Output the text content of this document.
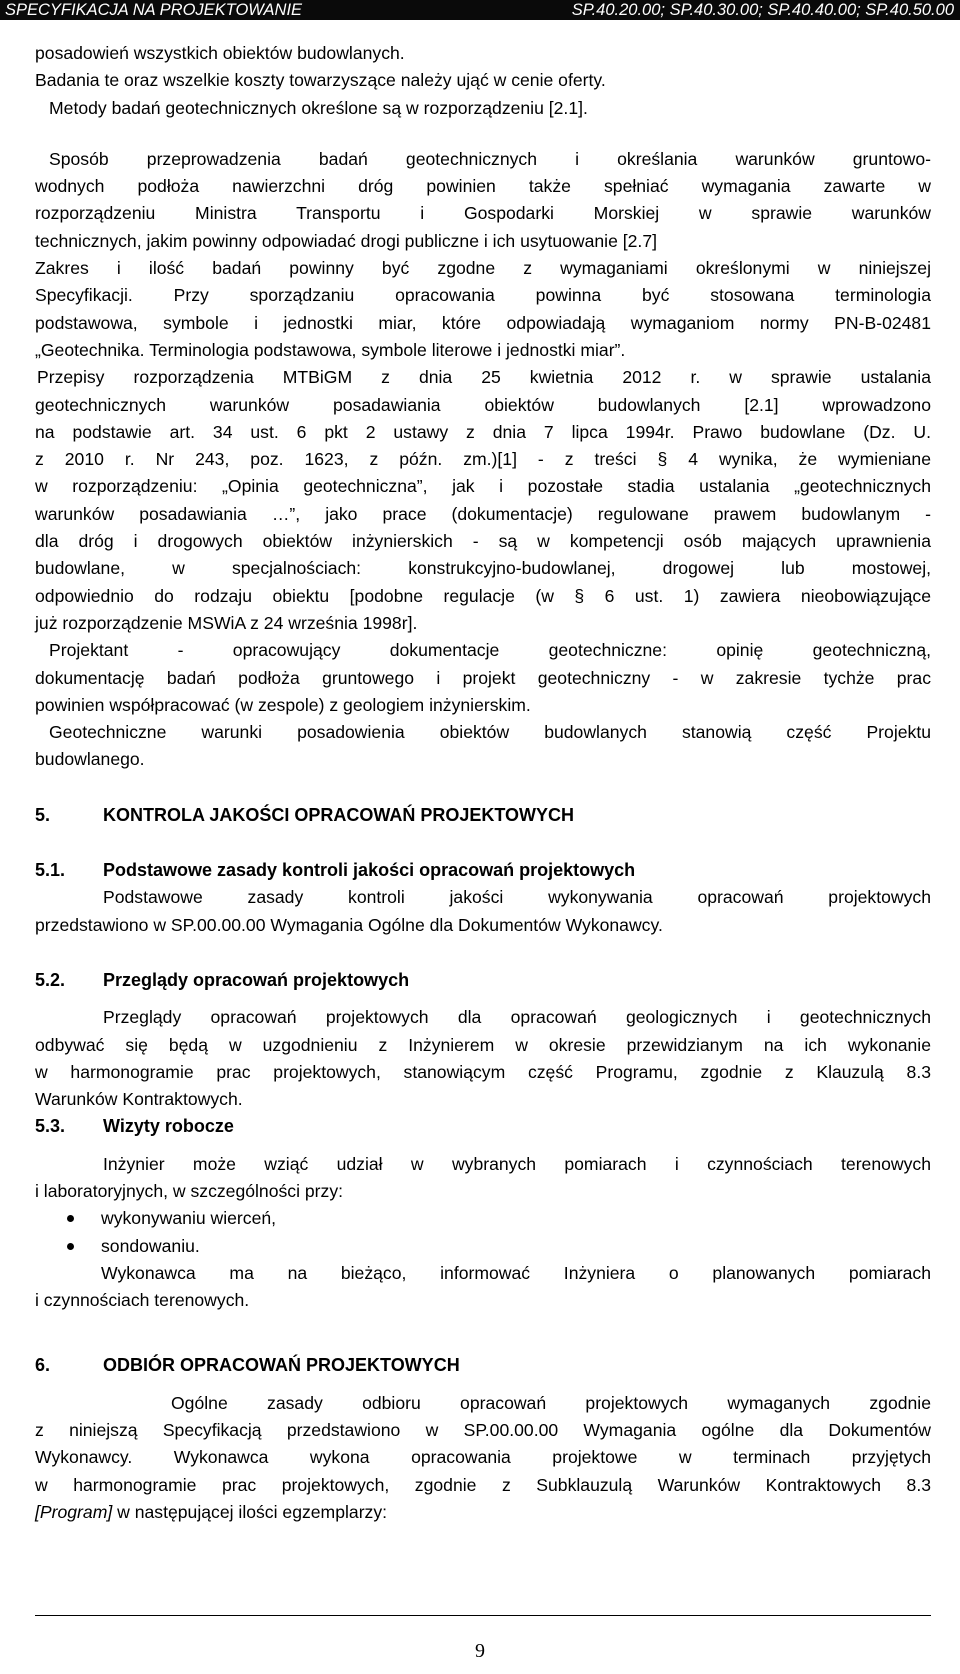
SPECYFIKACJA NA PROJEKTOWANIE	SP.40.20.00; SP.40.30.00; SP.40.40.00; SP.40.50.00
posadowień wszystkich obiektów budowlanych.
Badania te oraz wszelkie koszty towarzyszące należy ująć w cenie oferty.
Metody badań geotechnicznych określone są w rozporządzeniu [2.1].
Sposób przeprowadzenia badań geotechnicznych i określania warunków gruntowo-
wodnych podłoża nawierzchni dróg powinien także spełniać wymagania zawarte w
rozporządzeniu Ministra Transportu i Gospodarki Morskiej w sprawie warunków
technicznych, jakim powinny odpowiadać drogi publiczne i ich usytuowanie [2.7]
Zakres i ilość badań powinny być zgodne z wymaganiami określonymi w niniejszej
Specyfikacji. Przy sporządzaniu opracowania powinna być stosowana terminologia
podstawowa, symbole i jednostki miar, które odpowiadają wymaganiom normy PN-B-02481
„Geotechnika. Terminologia podstawowa, symbole literowe i jednostki miar”.
Przepisy rozporządzenia MTBiGM z dnia 25 kwietnia 2012 r. w sprawie ustalania
geotechnicznych warunków posadawiania obiektów budowlanych [2.1] wprowadzono
na podstawie art. 34 ust. 6 pkt 2 ustawy z dnia 7 lipca 1994r. Prawo budowlane (Dz. U.
z 2010 r. Nr 243, poz. 1623, z późn. zm.)[1] - z treści § 4 wynika, że wymieniane
w rozporządzeniu: „Opinia geotechniczna”, jak i pozostałe stadia ustalania „geotechnicznych
warunków posadawiania …”, jako prace (dokumentacje) regulowane prawem budowlanym -
dla dróg i drogowych obiektów inżynierskich - są w kompetencji osób mających uprawnienia
budowlane, w specjalnościach: konstrukcyjno-budowlanej, drogowej lub mostowej,
odpowiednio do rodzaju obiektu [podobne regulacje (w § 6 ust. 1) zawiera nieobowiązujące
już rozporządzenie MSWiA z 24 września 1998r].
Projektant - opracowujący dokumentacje geotechniczne: opinię geotechniczną,
dokumentację badań podłoża gruntowego i projekt geotechniczny - w zakresie tychże prac
powinien współpracować (w zespole) z geologiem inżynierskim.
Geotechniczne warunki posadowienia obiektów budowlanych stanowią część Projektu
budowlanego.
5.	KONTROLA JAKOŚCI OPRACOWAŃ PROJEKTOWYCH
5.1. Podstawowe zasady kontroli jakości opracowań projektowych
Podstawowe zasady kontroli jakości wykonywania opracowań projektowych
przedstawiono w SP.00.00.00 Wymagania Ogólne dla Dokumentów Wykonawcy.
5.2. Przeglądy opracowań projektowych
Przeglądy opracowań projektowych dla opracowań geologicznych i geotechnicznych
odbywać się będą w uzgodnieniu z Inżynierem w okresie przewidzianym na ich wykonanie
w harmonogramie prac projektowych, stanowiącym część Programu, zgodnie z Klauzulą 8.3
Warunków Kontraktowych.
5.3. Wizyty robocze
Inżynier może wziąć udział w wybranych pomiarach i czynnościach terenowych
i laboratoryjnych, w szczególności przy:
wykonywaniu wierceń,
sondowaniu.
Wykonawca ma na bieżąco, informować Inżyniera o planowanych pomiarach
i czynnościach terenowych.
6.	ODBIÓR OPRACOWAŃ PROJEKTOWYCH
Ogólne zasady odbioru opracowań projektowych wymaganych zgodnie
z niniejszą Specyfikacją przedstawiono w SP.00.00.00 Wymagania ogólne dla Dokumentów
Wykonawcy. Wykonawca wykona opracowania projektowe w terminach przyjętych
w harmonogramie prac projektowych, zgodnie z Subklauzulą Warunków Kontraktowych 8.3
[Program] w następującej ilości egzemplarzy:
9
